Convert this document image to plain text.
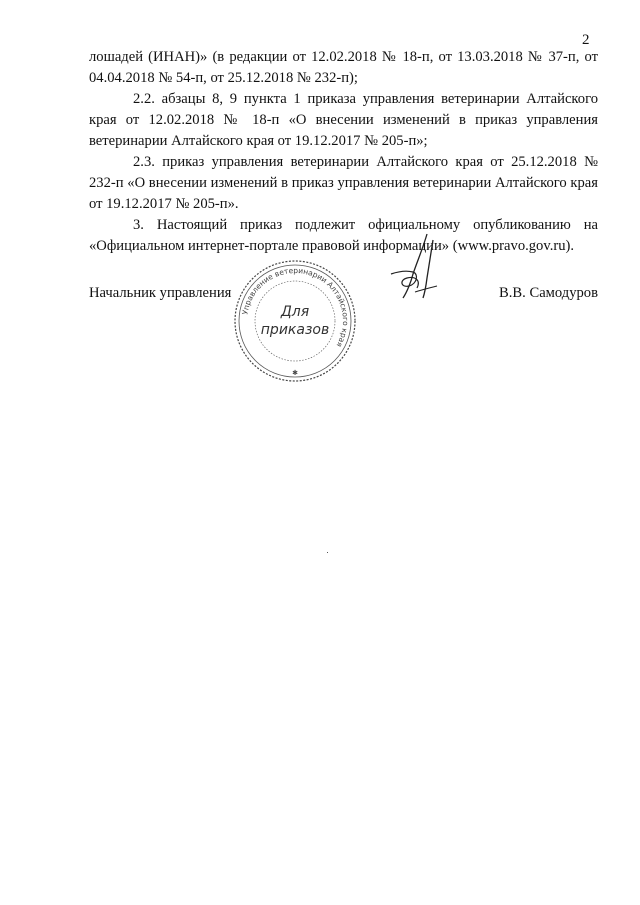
2

лошадей (ИНАН)» (в редакции от 12.02.2018 № 18-п, от 13.03.2018 № 37-п, от 04.04.2018 № 54-п, от 25.12.2018 № 232-п);

2.2. абзацы 8, 9 пункта 1 приказа управления ветеринарии Алтайского края от 12.02.2018 № 18-п «О внесении изменений в приказ управления ветеринарии Алтайского края от 19.12.2017 № 205-п»;

2.3. приказ управления ветеринарии Алтайского края от 25.12.2018 № 232-п «О внесении изменений в приказ управления ветеринарии Алтайского края от 19.12.2017 № 205-п».

3. Настоящий приказ подлежит официальному опубликованию на «Официальном интернет-портале правовой информации» (www.pravo.gov.ru).

Начальник управления	В.В. Самодуров
Управление ветеринарии Алтайского края
Для
приказов
✱
